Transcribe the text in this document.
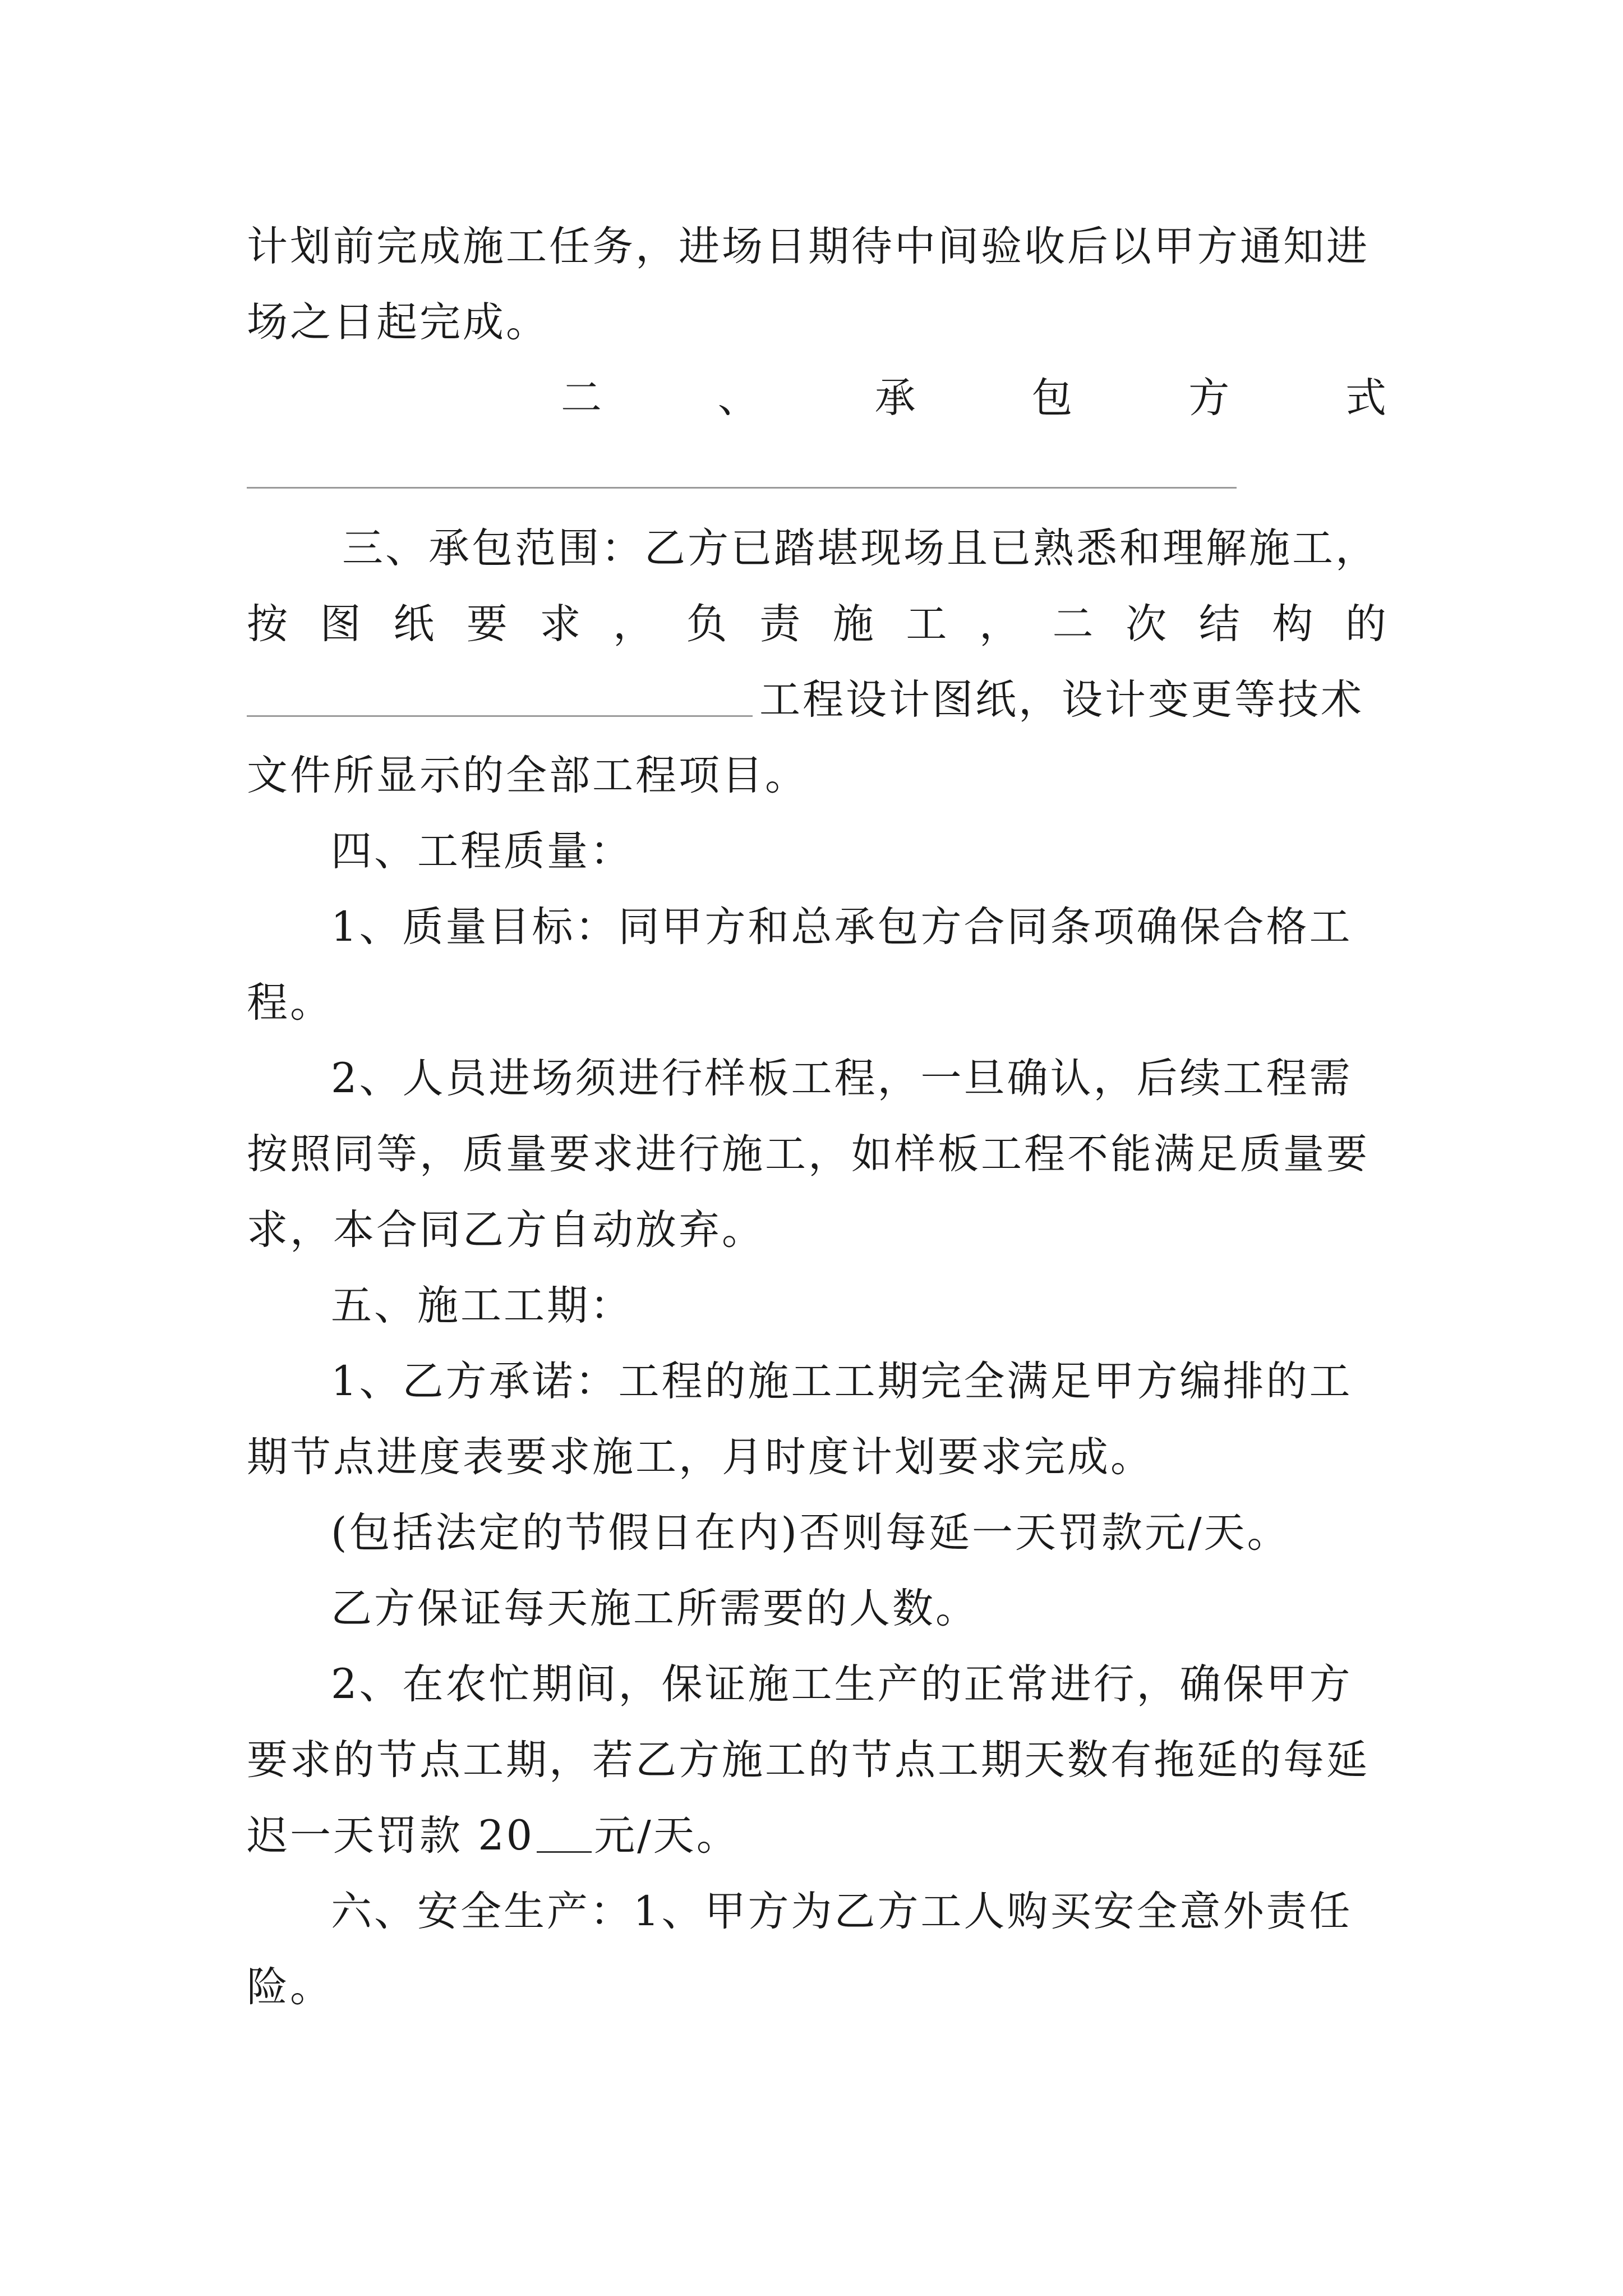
计划前完成施工任务，进场日期待中间验收后以甲方通知进
场之日起完成。
二	、	承	包	方	式
三、承包范围：乙方已踏堪现场且已熟悉和理解施工，
按 图 纸 要 求 ， 负 责 施 工 ， 二 次 结 构 的
工程设计图纸，设计变更等技术
文件所显示的全部工程项目。
四、工程质量：
1、质量目标：同甲方和总承包方合同条项确保合格工
程。
2、人员进场须进行样板工程，一旦确认，后续工程需
按照同等，质量要求进行施工，如样板工程不能满足质量要
求，本合同乙方自动放弃。
五、施工工期：
1、乙方承诺：工程的施工工期完全满足甲方编排的工
期节点进度表要求施工，月时度计划要求完成。
(包括法定的节假日在内)否则每延一天罚款元/天。
乙方保证每天施工所需要的人数。
2、在农忙期间，保证施工生产的正常进行，确保甲方
要求的节点工期，若乙方施工的节点工期天数有拖延的每延
迟一天罚款 20 元/天。
六、安全生产：1、甲方为乙方工人购买安全意外责任
险。
